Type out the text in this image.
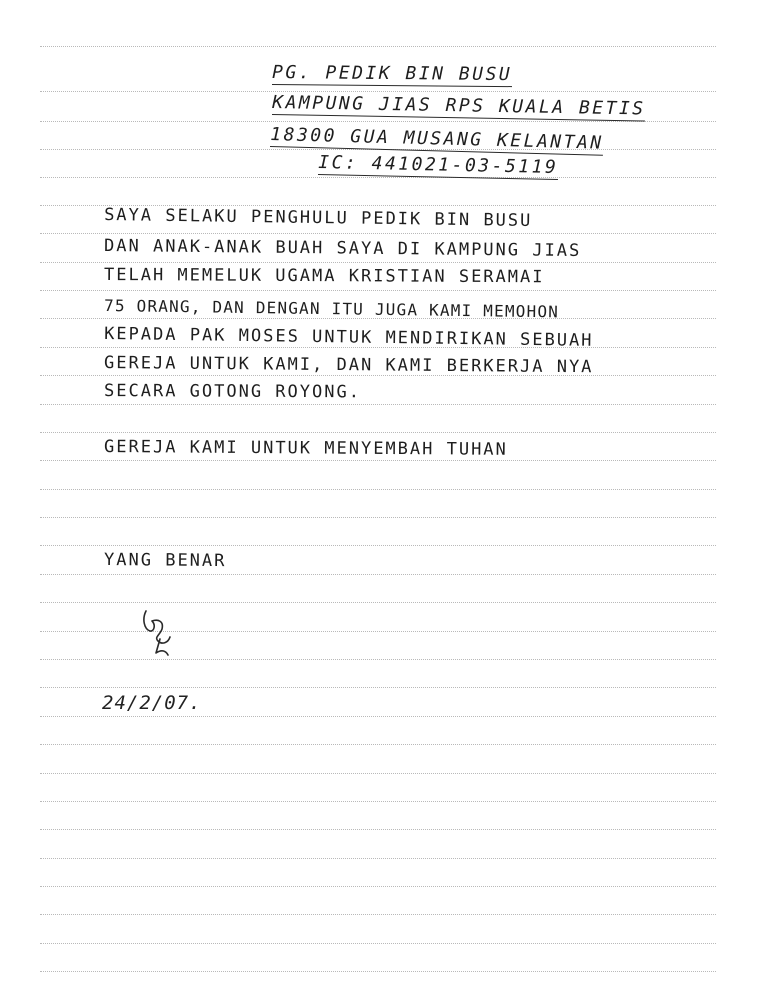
PG. PEDIK BIN BUSU

KAMPUNG JIAS RPS KUALA BETIS

18300 GUA MUSANG KELANTAN

IC: 441021-03-5119

SAYA SELAKU PENGHULU PEDIK BIN BUSU

DAN ANAK-ANAK BUAH SAYA DI KAMPUNG JIAS

TELAH MEMELUK UGAMA KRISTIAN SERAMAI

75 ORANG, DAN DENGAN ITU JUGA KAMI MEMOHON

KEPADA PAK MOSES UNTUK MENDIRIKAN SEBUAH

GEREJA UNTUK KAMI, DAN KAMI BERKERJA NYA

SECARA GOTONG ROYONG.

GEREJA KAMI UNTUK MENYEMBAH TUHAN

YANG BENAR

24/2/07.
